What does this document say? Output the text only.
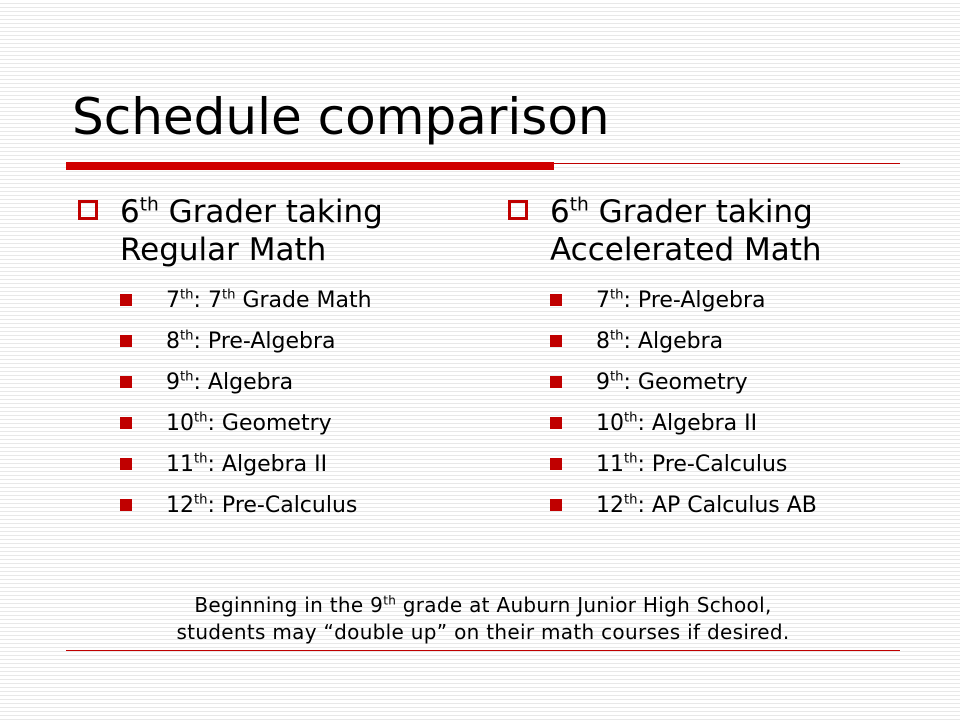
Schedule comparison
6th Grader taking
Regular Math
7th: 7th Grade Math
8th: Pre-Algebra
9th: Algebra
10th: Geometry
11th: Algebra II
12th: Pre-Calculus
6th Grader taking
Accelerated Math
7th: Pre-Algebra
8th: Algebra
9th: Geometry
10th: Algebra II
11th: Pre-Calculus
12th: AP Calculus AB
Beginning in the 9th grade at Auburn Junior High School,
students may “double up” on their math courses if desired.
